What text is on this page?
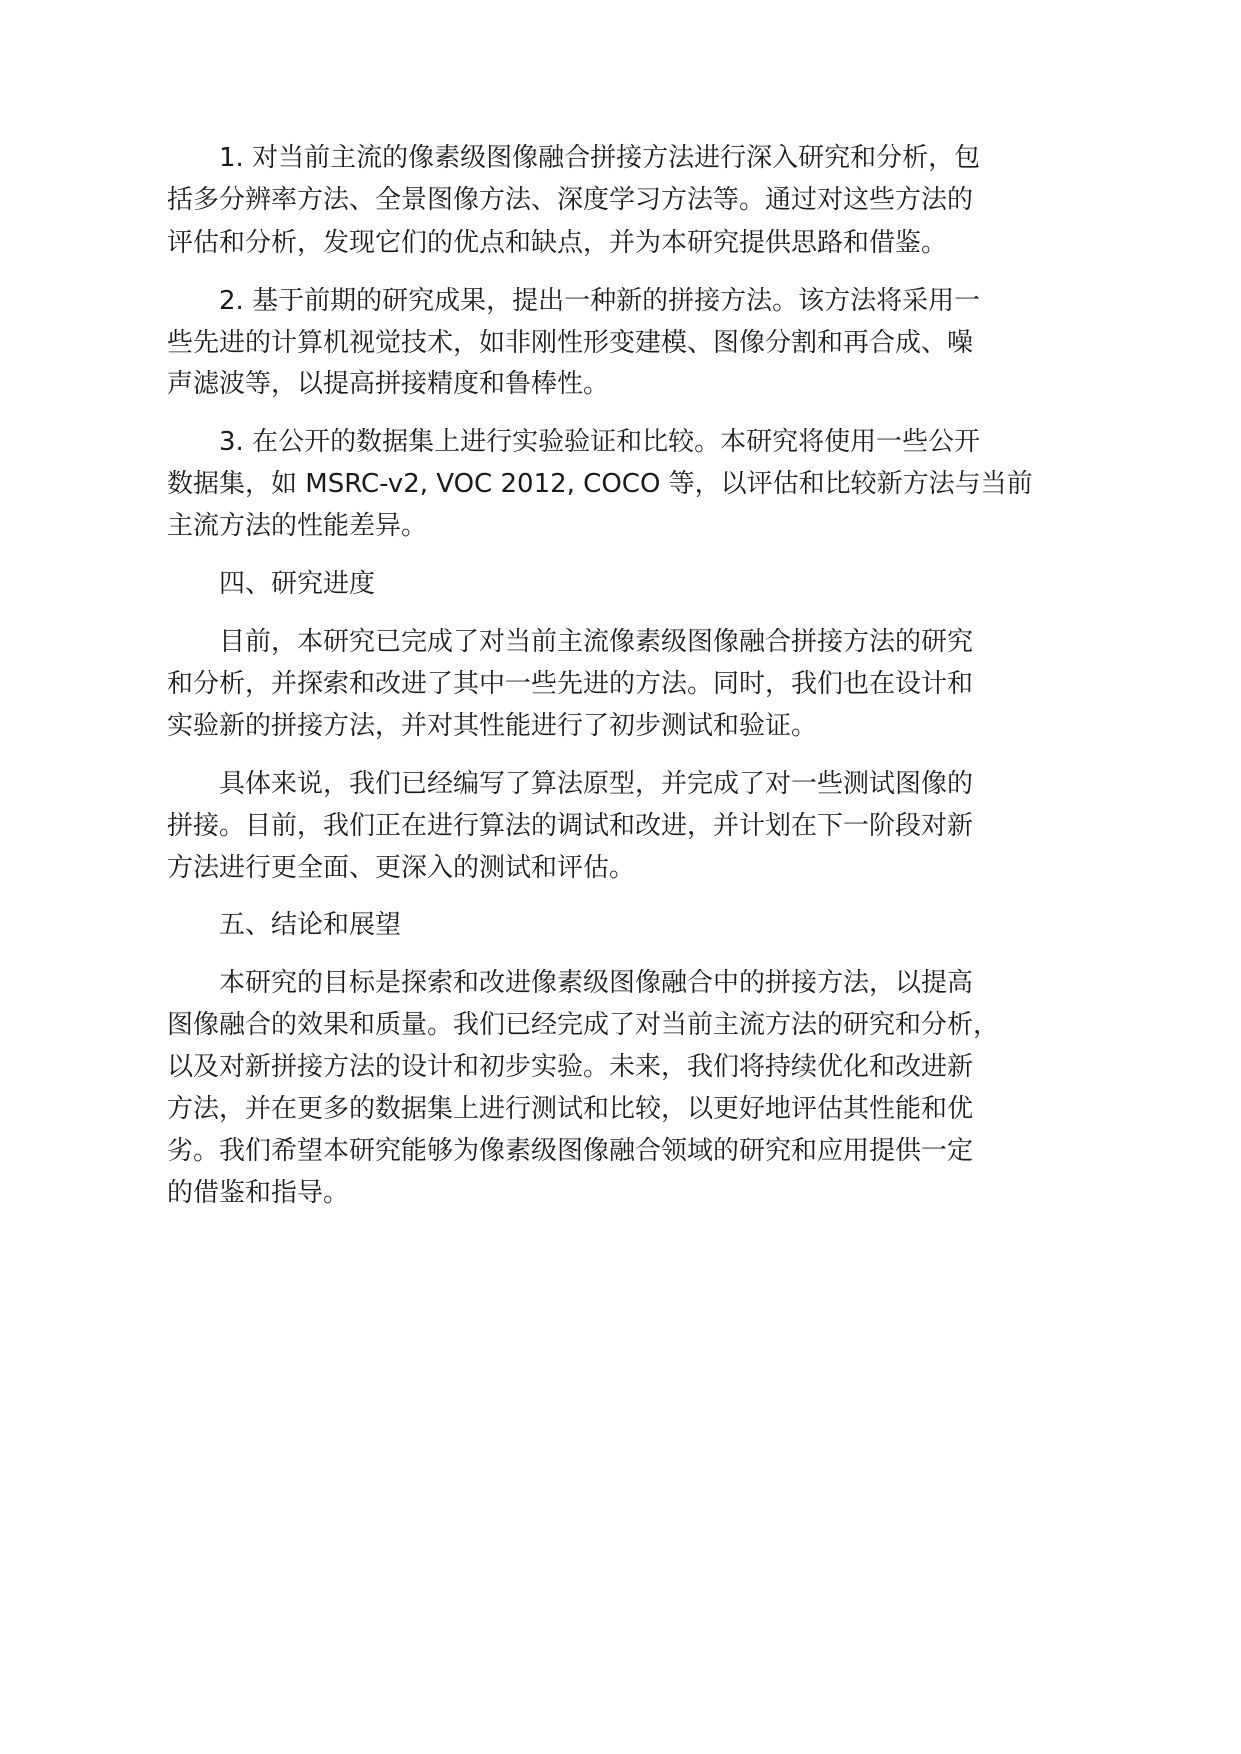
1. 对当前主流的像素级图像融合拼接方法进行深入研究和分析，包

括多分辨率方法、全景图像方法、深度学习方法等。通过对这些方法的

评估和分析，发现它们的优点和缺点，并为本研究提供思路和借鉴。

2. 基于前期的研究成果，提出一种新的拼接方法。该方法将采用一

些先进的计算机视觉技术，如非刚性形变建模、图像分割和再合成、噪

声滤波等，以提高拼接精度和鲁棒性。

3. 在公开的数据集上进行实验验证和比较。本研究将使用一些公开

数据集，如 MSRC-v2, VOC 2012, COCO 等，以评估和比较新方法与当前

主流方法的性能差异。

四、研究进度

目前，本研究已完成了对当前主流像素级图像融合拼接方法的研究

和分析，并探索和改进了其中一些先进的方法。同时，我们也在设计和

实验新的拼接方法，并对其性能进行了初步测试和验证。

具体来说，我们已经编写了算法原型，并完成了对一些测试图像的

拼接。目前，我们正在进行算法的调试和改进，并计划在下一阶段对新

方法进行更全面、更深入的测试和评估。

五、结论和展望

本研究的目标是探索和改进像素级图像融合中的拼接方法，以提高

图像融合的效果和质量。我们已经完成了对当前主流方法的研究和分析，

以及对新拼接方法的设计和初步实验。未来，我们将持续优化和改进新

方法，并在更多的数据集上进行测试和比较，以更好地评估其性能和优

劣。我们希望本研究能够为像素级图像融合领域的研究和应用提供一定

的借鉴和指导。
